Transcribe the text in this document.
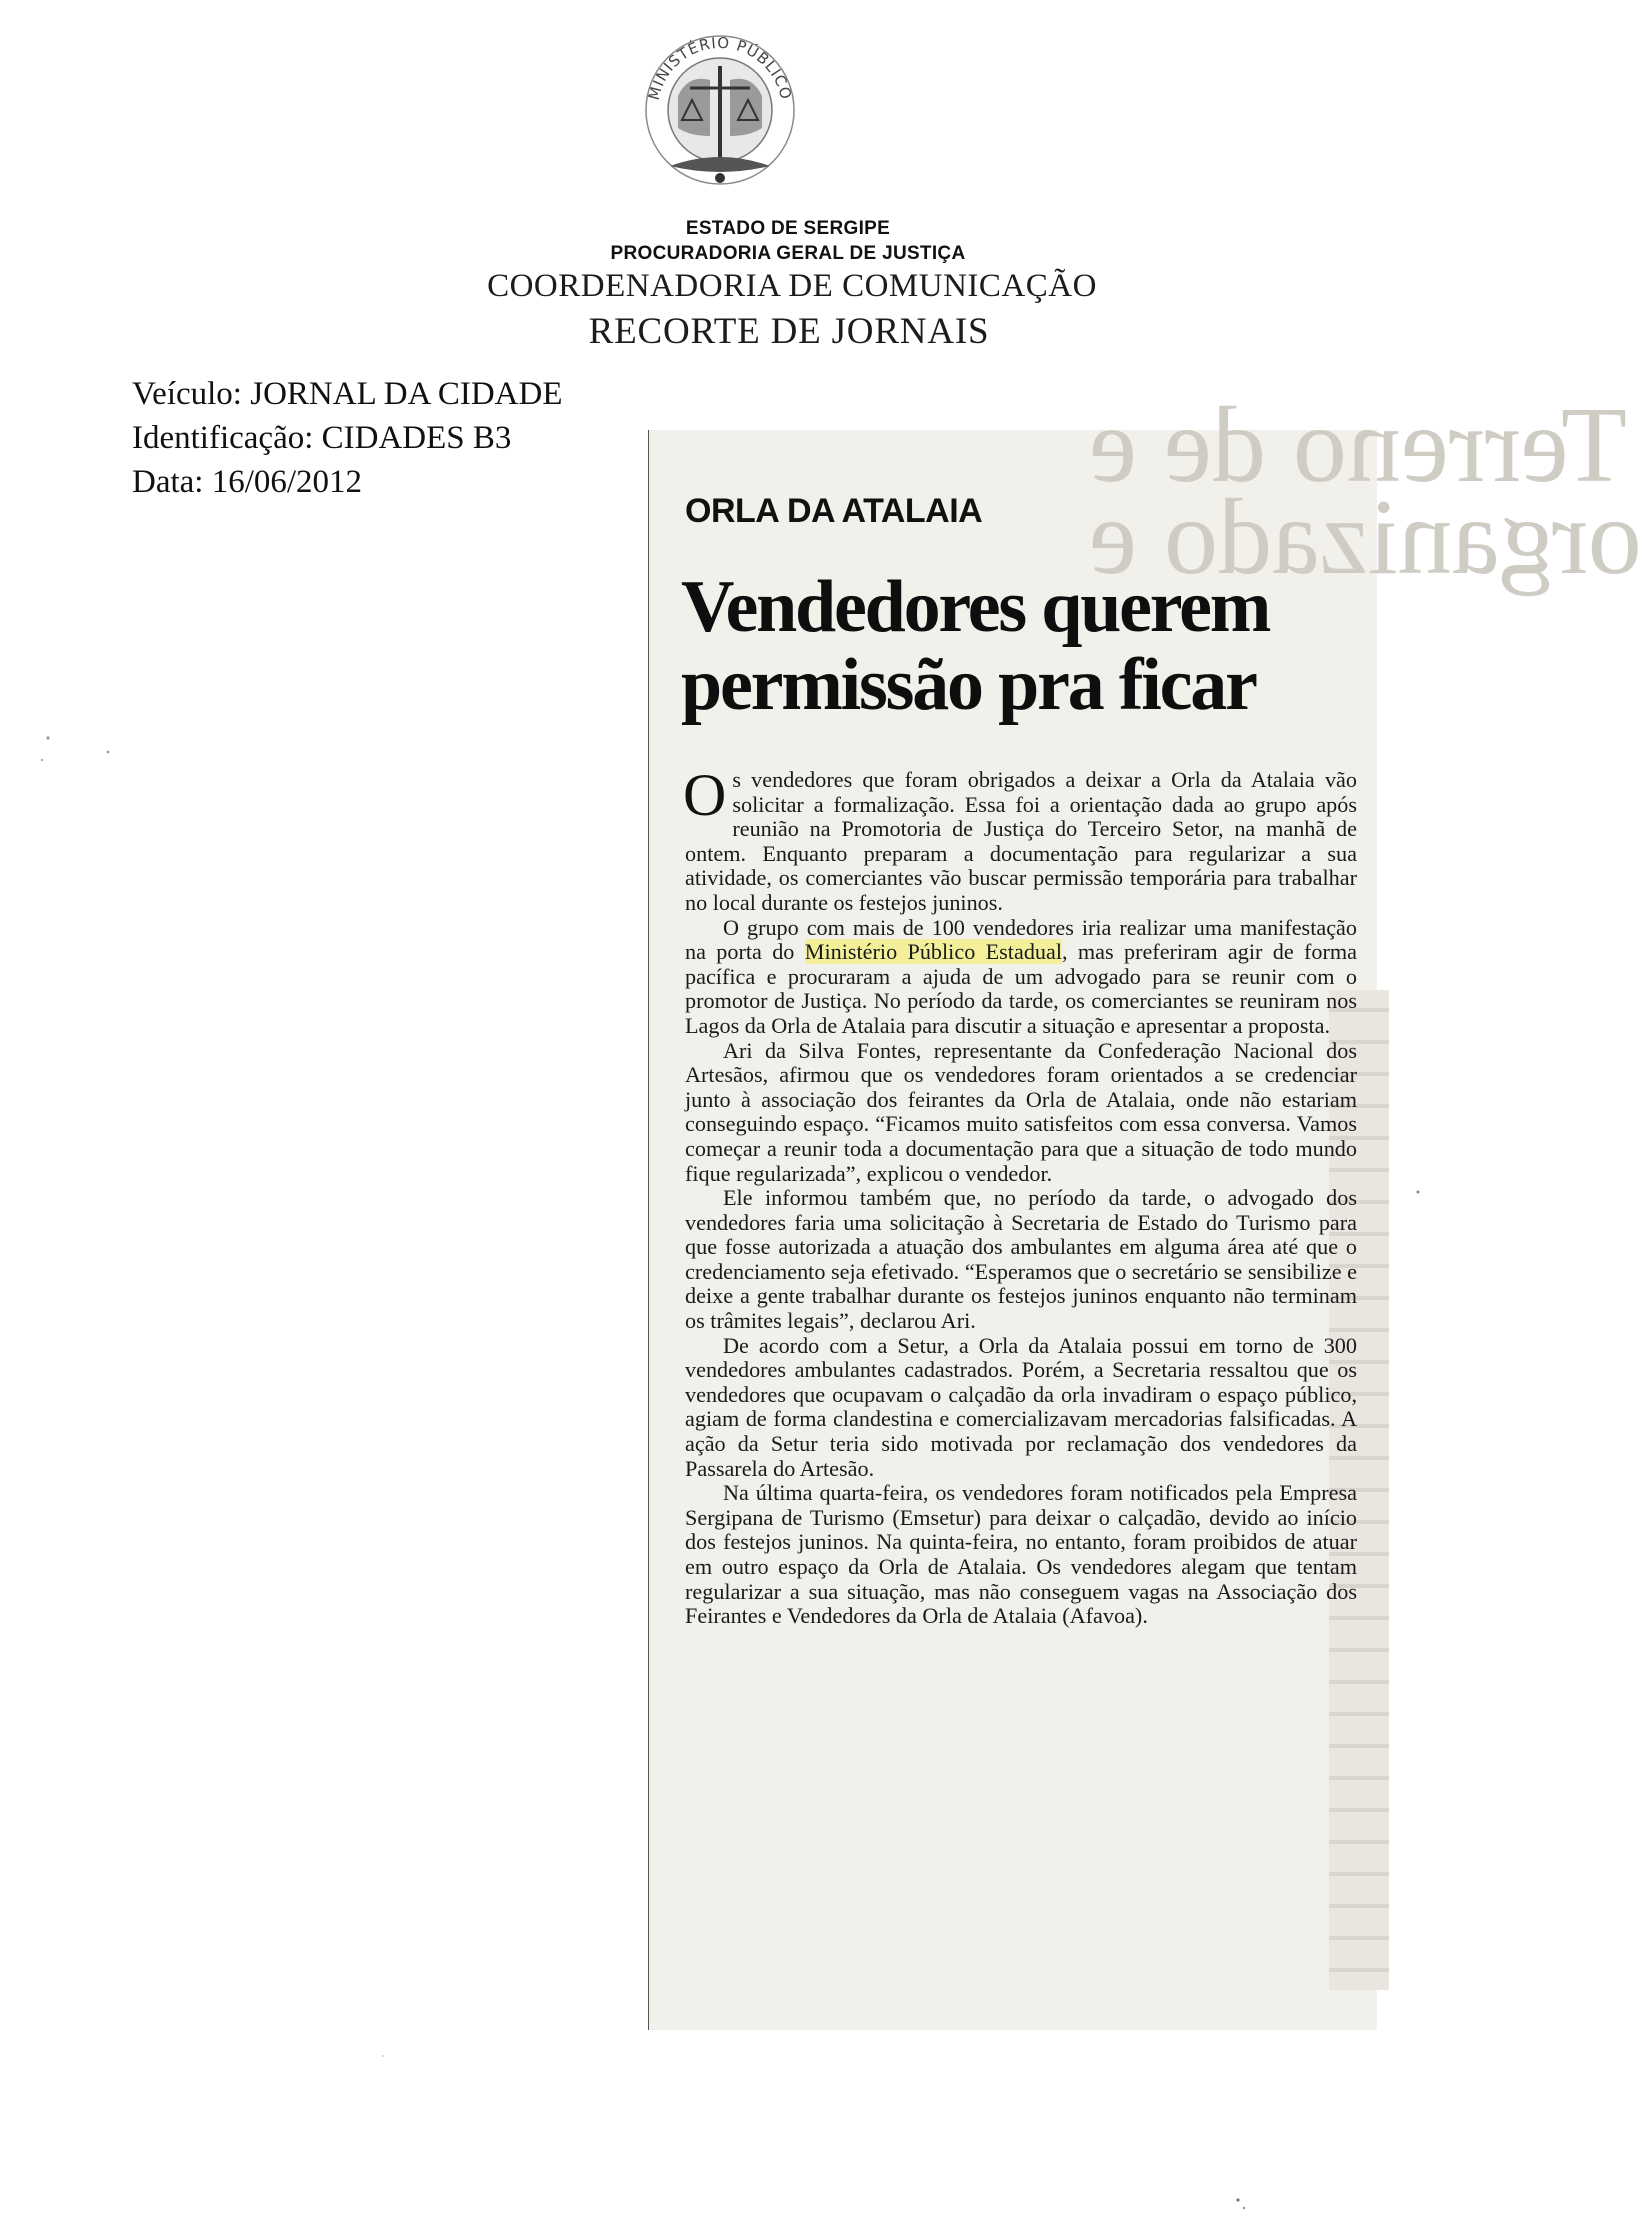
MINISTÉRIO PÚBLICO

ESTADO DE SERGIPE

PROCURADORIA GERAL DE JUSTIÇA

COORDENADORIA DE COMUNICAÇÃO

RECORTE DE JORNAIS

Veículo: JORNAL DA CIDADE

Identificação: CIDADES B3

Data: 16/06/2012	Terreno de e
organizado e

ORLA DA ATALAIA

Vendedores querem permissão pra ficar

Os vendedores que foram obrigados a deixar a Orla da Atalaia vão solicitar a formalização. Essa foi a orientação dada ao grupo após reunião na Promotoria de Justiça do Terceiro Setor, na manhã de ontem. Enquanto preparam a documentação para regularizar a sua atividade, os comerciantes vão buscar permissão temporária para trabalhar no local durante os festejos juninos.

O grupo com mais de 100 vendedores iria realizar uma manifestação na porta do Ministério Público Estadual, mas preferiram agir de forma pacífica e procuraram a ajuda de um advogado para se reunir com o promotor de Justiça. No período da tarde, os comerciantes se reuniram nos Lagos da Orla de Atalaia para discutir a situação e apresentar a proposta.

Ari da Silva Fontes, representante da Confederação Nacional dos Artesãos, afirmou que os vendedores foram orientados a se credenciar junto à associação dos feirantes da Orla de Atalaia, onde não estariam conseguindo espaço. “Ficamos muito satisfeitos com essa conversa. Vamos começar a reunir toda a documentação para que a situação de todo mundo fique regularizada”, explicou o vendedor.

Ele informou também que, no período da tarde, o advogado dos vendedores faria uma solicitação à Secretaria de Estado do Turismo para que fosse autorizada a atuação dos ambulantes em alguma área até que o credenciamento seja efetivado. “Esperamos que o secretário se sensibilize e deixe a gente trabalhar durante os festejos juninos enquanto não terminam os trâmites legais”, declarou Ari.

De acordo com a Setur, a Orla da Atalaia possui em torno de 300 vendedores ambulantes cadastrados. Porém, a Secretaria ressaltou que os vendedores que ocupavam o calçadão da orla invadiram o espaço público, agiam de forma clandestina e comercializavam mercadorias falsificadas. A ação da Setur teria sido motivada por reclamação dos vendedores da Passarela do Artesão.

Na última quarta-feira, os vendedores foram notificados pela Empresa Sergipana de Turismo (Emsetur) para deixar o calçadão, devido ao início dos festejos juninos. Na quinta-feira, no entanto, foram proibidos de atuar em outro espaço da Orla de Atalaia. Os vendedores alegam que tentam regularizar a sua situação, mas não conseguem vagas na Associação dos Feirantes e Vendedores da Orla de Atalaia (Afavoa).
